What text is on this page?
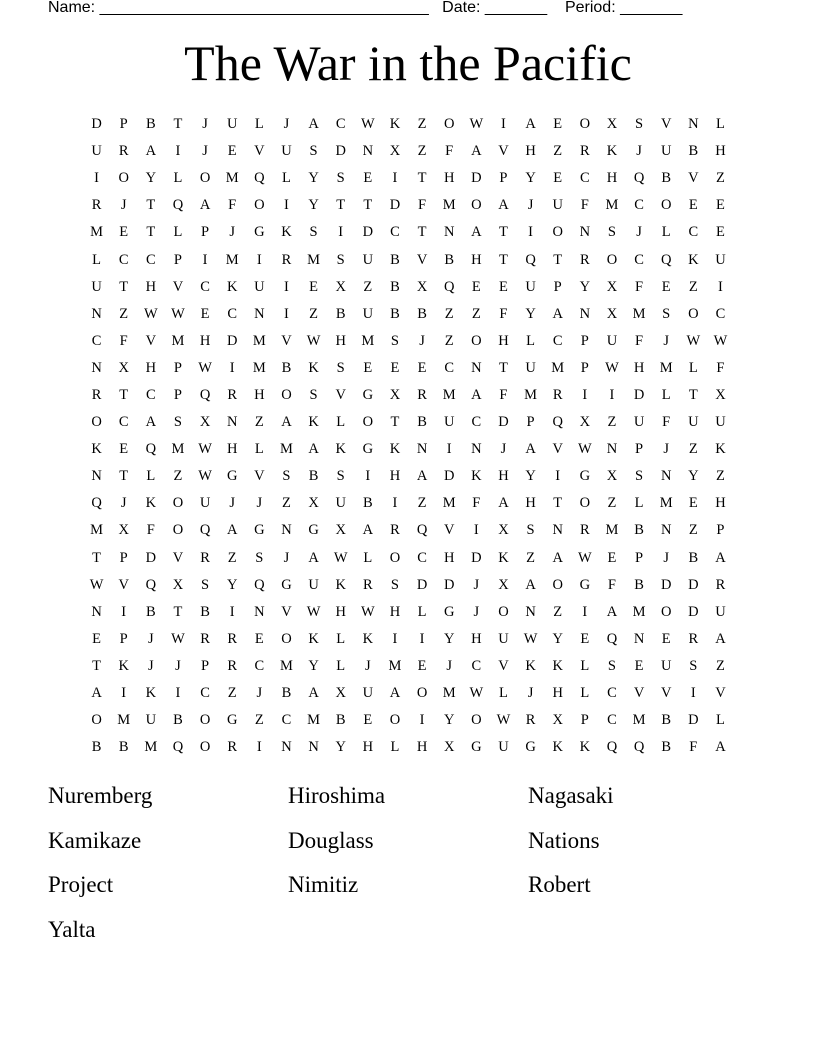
Name: _____________________________________ Date: _______ Period: _______
The War in the Pacific
D P B T J U L J A C W K Z O W I A E O X S V N L
U R A I J E V U S D N X Z F A V H Z R K J U B H
I O Y L O M Q L Y S E I T H D P Y E C H Q B V Z
R J T Q A F O I Y T T D F M O A J U F M C O E E
M E T L P J G K S I D C T N A T I O N S J L C E
L C C P I M I R M S U B V B H T Q T R O C Q K U
U T H V C K U I E X Z B X Q E E U P Y X F E Z I
N Z W W E C N I Z B U B B Z Z F Y A N X M S O C
C F V M H D M V W H M S J Z O H L C P U F J W W
N X H P W I M B K S E E E C N T U M P W H M L F
R T C P Q R H O S V G X R M A F M R I I D L T X
O C A S X N Z A K L O T B U C D P Q X Z U F U U
K E Q M W H L M A K G K N I N J A V W N P J Z K
N T L Z W G V S B S I H A D K H Y I G X S N Y Z
Q J K O U J J Z X U B I Z M F A H T O Z L M E H
M X F O Q A G N G X A R Q V I X S N R M B N Z P
T P D V R Z S J A W L O C H D K Z A W E P J B A
W V Q X S Y Q G U K R S D D J X A O G F B D D R
N I B T B I N V W H W H L G J O N Z I A M O D U
E P J W R R E O K L K I I Y H U W Y E Q N E R A
T K J J P R C M Y L J M E J C V K K L S E U S Z
A I K I C Z J B A X U A O M W L J H L C V V I V
O M U B O G Z C M B E O I Y O W R X P C M B D L
B B M Q O R I N N Y H L H X G U G K K Q Q B F A
Nuremberg	Hiroshima	Nagasaki
Kamikaze	Douglass	Nations
Project	Nimitiz	Robert
Yalta
